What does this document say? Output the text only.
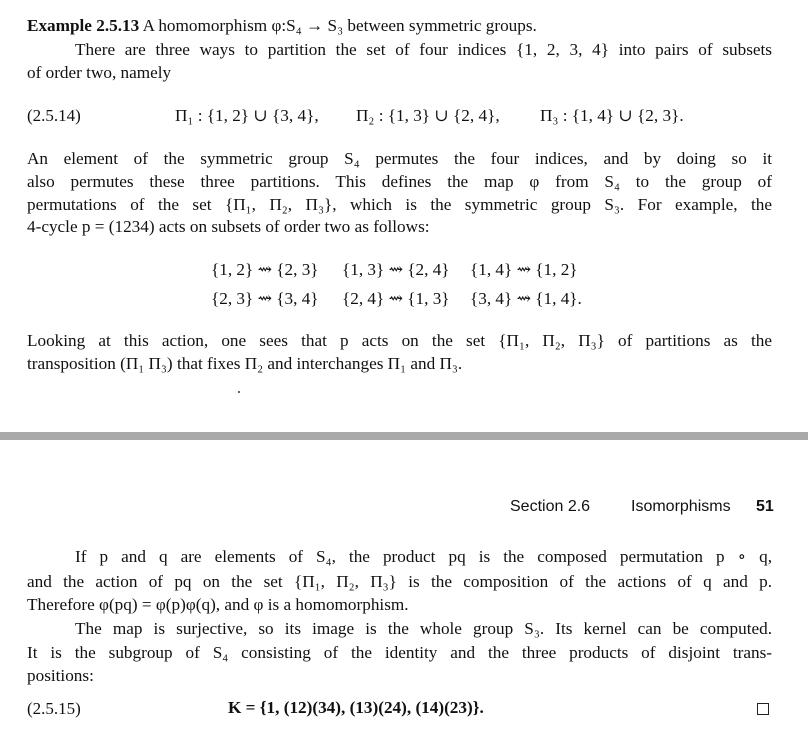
Example 2.5.13 A homomorphism φ:S₄ → S₃ between symmetric groups.
There are three ways to partition the set of four indices {1, 2, 3, 4} into pairs of subsets
of order two, namely
(2.5.14)	Π₁ : {1, 2} ∪ {3, 4}, Π₂ : {1, 3} ∪ {2, 4}, Π₃ : {1, 4} ∪ {2, 3}.
An element of the symmetric group S₄ permutes the four indices, and by doing so it
also permutes these three partitions. This defines the map φ from S₄ to the group of
permutations of the set {Π₁, Π₂, Π₃}, which is the symmetric group S₃. For example, the
4-cycle p = (1234) acts on subsets of order two as follows:
{1, 2} ⇝ {2, 3} {1, 3} ⇝ {2, 4} {1, 4} ⇝ {1, 2}
{2, 3} ⇝ {3, 4} {2, 4} ⇝ {1, 3} {3, 4} ⇝ {1, 4}.
Looking at this action, one sees that p acts on the set {Π₁, Π₂, Π₃} of partitions as the
transposition (Π₁ Π₃) that fixes Π₂ and interchanges Π₁ and Π₃.
Section 2.6	Isomorphisms 51
If p and q are elements of S₄, the product pq is the composed permutation p ∘ q,
and the action of pq on the set {Π₁, Π₂, Π₃} is the composition of the actions of q and p.
Therefore φ(pq) = φ(p)φ(q), and φ is a homomorphism.
The map is surjective, so its image is the whole group S₃. Its kernel can be computed.
It is the subgroup of S₄ consisting of the identity and the three products of disjoint trans-
positions:
(2.5.15)	K = {1, (12)(34), (13)(24), (14)(23)}.
